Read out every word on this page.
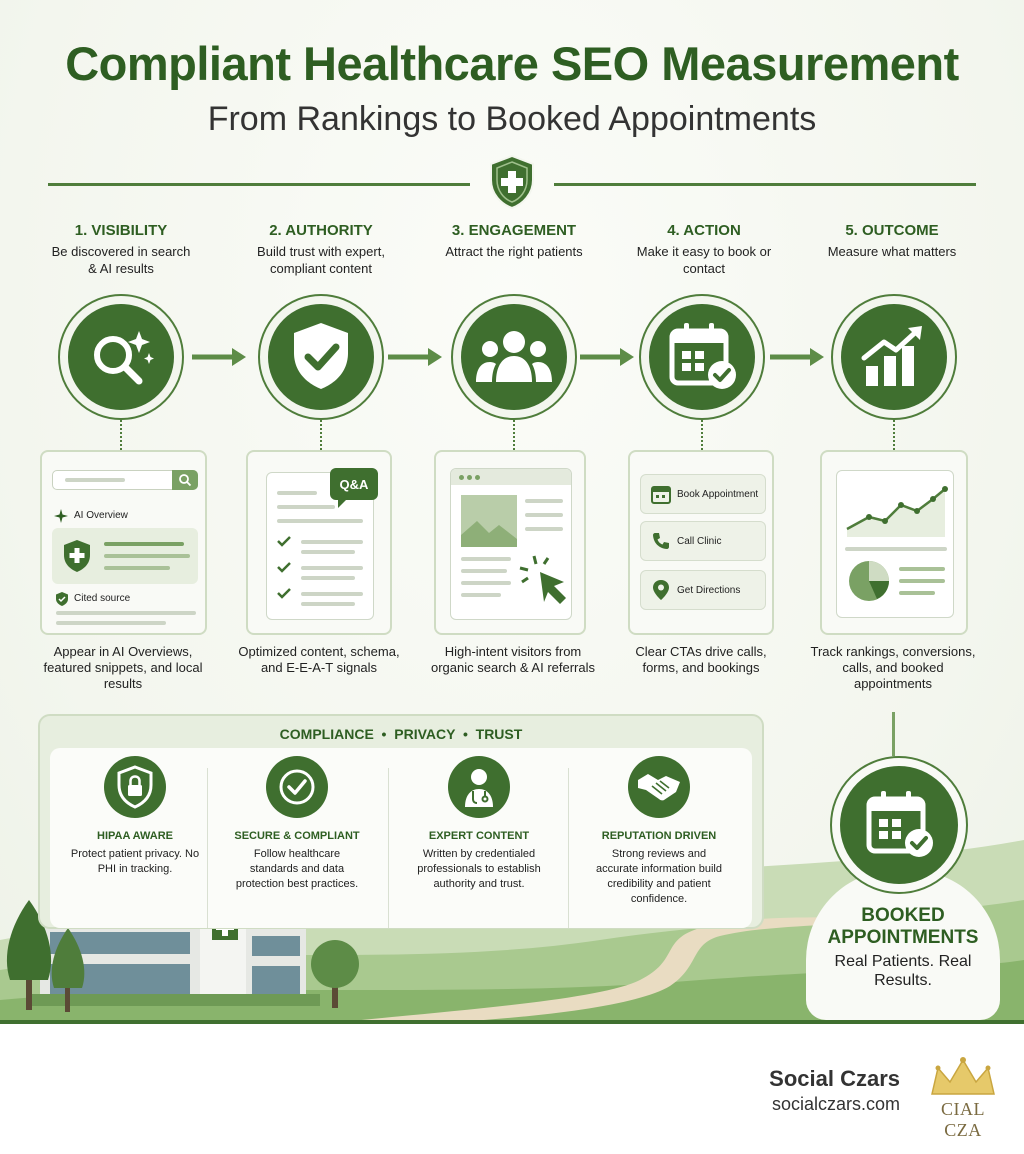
Compliant Healthcare SEO Measurement
From Rankings to Booked Appointments
1. VISIBILITY
Be discovered in search & AI results
2. AUTHORITY
Build trust with expert, compliant content
3. ENGAGEMENT
Attract the right patients
4. ACTION
Make it easy to book or contact
5. OUTCOME
Measure what matters
AI Overview
Cited source
Appear in AI Overviews, featured snippets, and local results
Q&A
Optimized content, schema, and E-E-A-T signals
High-intent visitors from organic search & AI referrals
Book Appointment
Call Clinic
Get Directions
Clear CTAs drive calls, forms, and bookings
Track rankings, conversions, calls, and booked appointments
COMPLIANCE  •  PRIVACY  •  TRUST
HIPAA AWARE
Protect patient privacy. No PHI in tracking.
SECURE & COMPLIANT
Follow healthcare standards and data protection best practices.
EXPERT CONTENT
Written by credentialed professionals to establish authority and trust.
REPUTATION DRIVEN
Strong reviews and accurate information build credibility and patient confidence.
BOOKED APPOINTMENTS
Real Patients. Real Results.
Social Czars
socialczars.com	CIAL CZA
